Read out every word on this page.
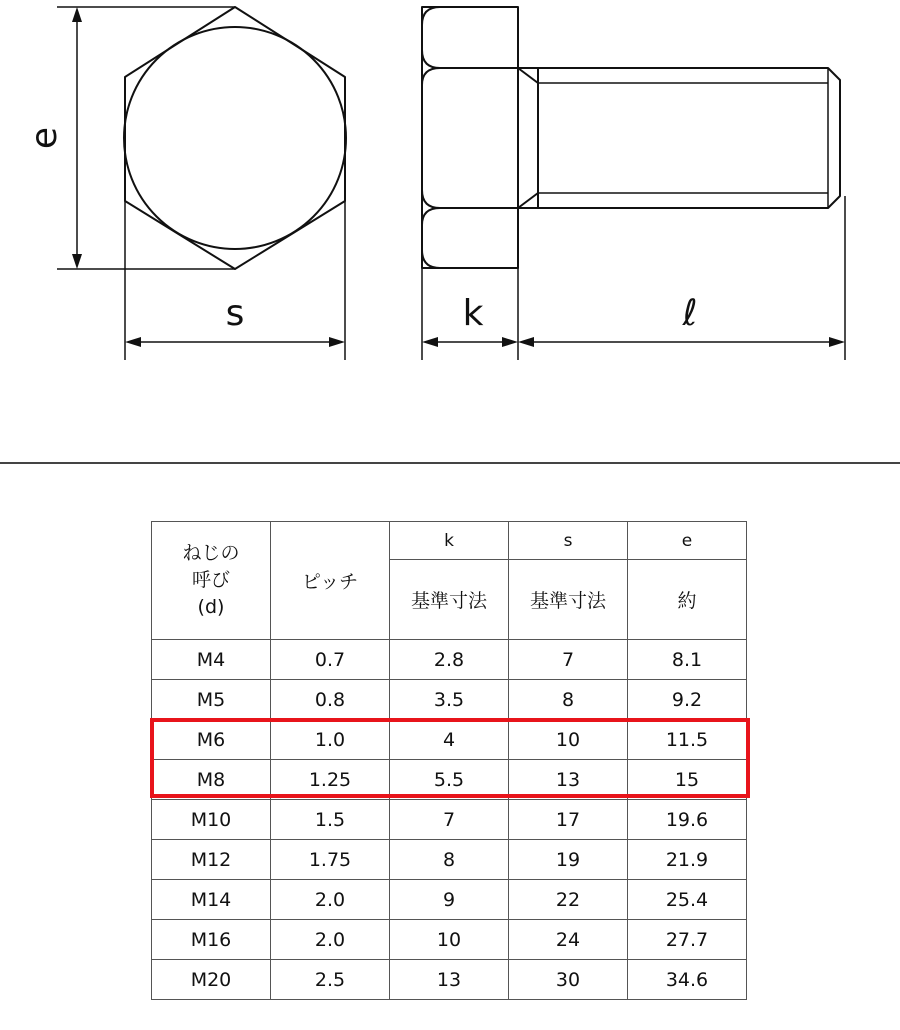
e
s	k	ℓ
ねじの
呼び
(d)	ピッチ	k	s	e
		基準寸法	基準寸法	約
M4	0.7	2.8	7	8.1
M5	0.8	3.5	8	9.2
M6	1.0	4	10	11.5
M8	1.25	5.5	13	15
M10	1.5	7	17	19.6
M12	1.75	8	19	21.9
M14	2.0	9	22	25.4
M16	2.0	10	24	27.7
M20	2.5	13	30	34.6
